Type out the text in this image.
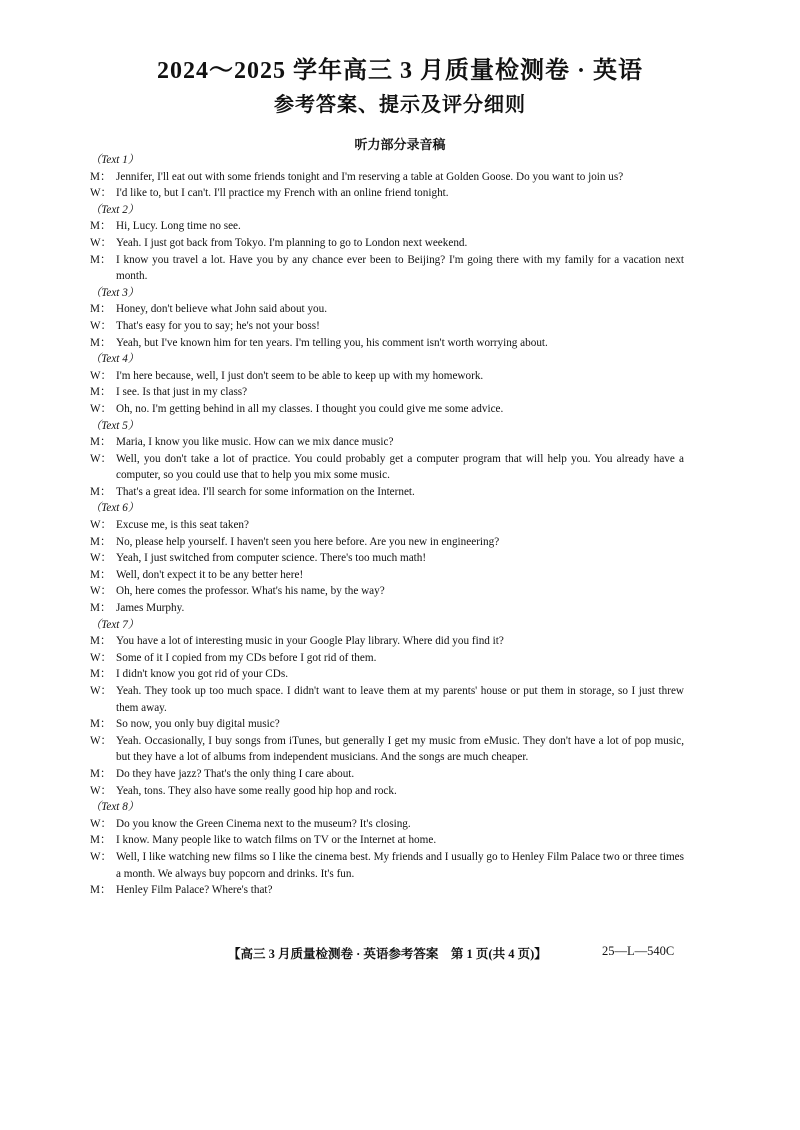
2024～2025 学年高三 3 月质量检测卷 · 英语
参考答案、提示及评分细则
听力部分录音稿
（Text 1）
M： Jennifer, I'll eat out with some friends tonight and I'm reserving a table at Golden Goose. Do you want to join us?
W： I'd like to, but I can't. I'll practice my French with an online friend tonight.
（Text 2）
M： Hi, Lucy. Long time no see.
W： Yeah. I just got back from Tokyo. I'm planning to go to London next weekend.
M： I know you travel a lot. Have you by any chance ever been to Beijing? I'm going there with my family for a vacation next month.
（Text 3）
M： Honey, don't believe what John said about you.
W： That's easy for you to say; he's not your boss!
M： Yeah, but I've known him for ten years. I'm telling you, his comment isn't worth worrying about.
（Text 4）
W： I'm here because, well, I just don't seem to be able to keep up with my homework.
M： I see. Is that just in my class?
W： Oh, no. I'm getting behind in all my classes. I thought you could give me some advice.
（Text 5）
M： Maria, I know you like music. How can we mix dance music?
W： Well, you don't take a lot of practice. You could probably get a computer program that will help you. You already have a computer, so you could use that to help you mix some music.
M： That's a great idea. I'll search for some information on the Internet.
（Text 6）
W： Excuse me, is this seat taken?
M： No, please help yourself. I haven't seen you here before. Are you new in engineering?
W： Yeah, I just switched from computer science. There's too much math!
M： Well, don't expect it to be any better here!
W： Oh, here comes the professor. What's his name, by the way?
M： James Murphy.
（Text 7）
M： You have a lot of interesting music in your Google Play library. Where did you find it?
W： Some of it I copied from my CDs before I got rid of them.
M： I didn't know you got rid of your CDs.
W： Yeah. They took up too much space. I didn't want to leave them at my parents' house or put them in storage, so I just threw them away.
M： So now, you only buy digital music?
W： Yeah. Occasionally, I buy songs from iTunes, but generally I get my music from eMusic. They don't have a lot of pop music, but they have a lot of albums from independent musicians. And the songs are much cheaper.
M： Do they have jazz? That's the only thing I care about.
W： Yeah, tons. They also have some really good hip hop and rock.
（Text 8）
W： Do you know the Green Cinema next to the museum? It's closing.
M： I know. Many people like to watch films on TV or the Internet at home.
W： Well, I like watching new films so I like the cinema best. My friends and I usually go to Henley Film Palace two or three times a month. We always buy popcorn and drinks. It's fun.
M： Henley Film Palace? Where's that?
【高三 3 月质量检测卷 · 英语参考答案　第 1 页(共 4 页)】	25—L—540C
